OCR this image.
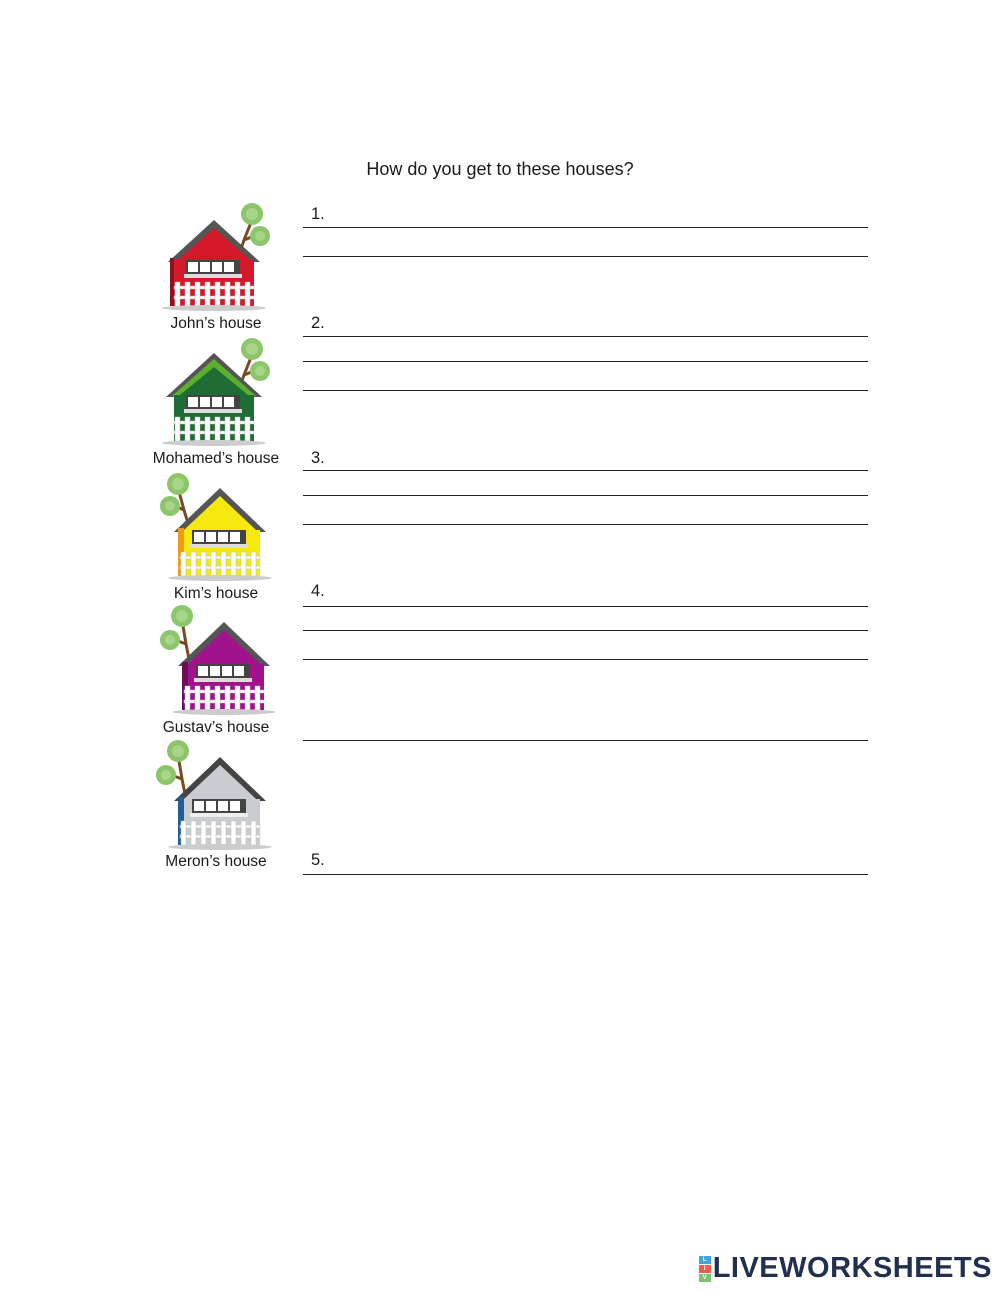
How do you get to these houses?
John’s house
Mohamed’s house
Kim’s house
Gustav’s house
Meron’s house
1.
2.
3.
4.
5.
L
I
V LIVEWORKSHEETS
